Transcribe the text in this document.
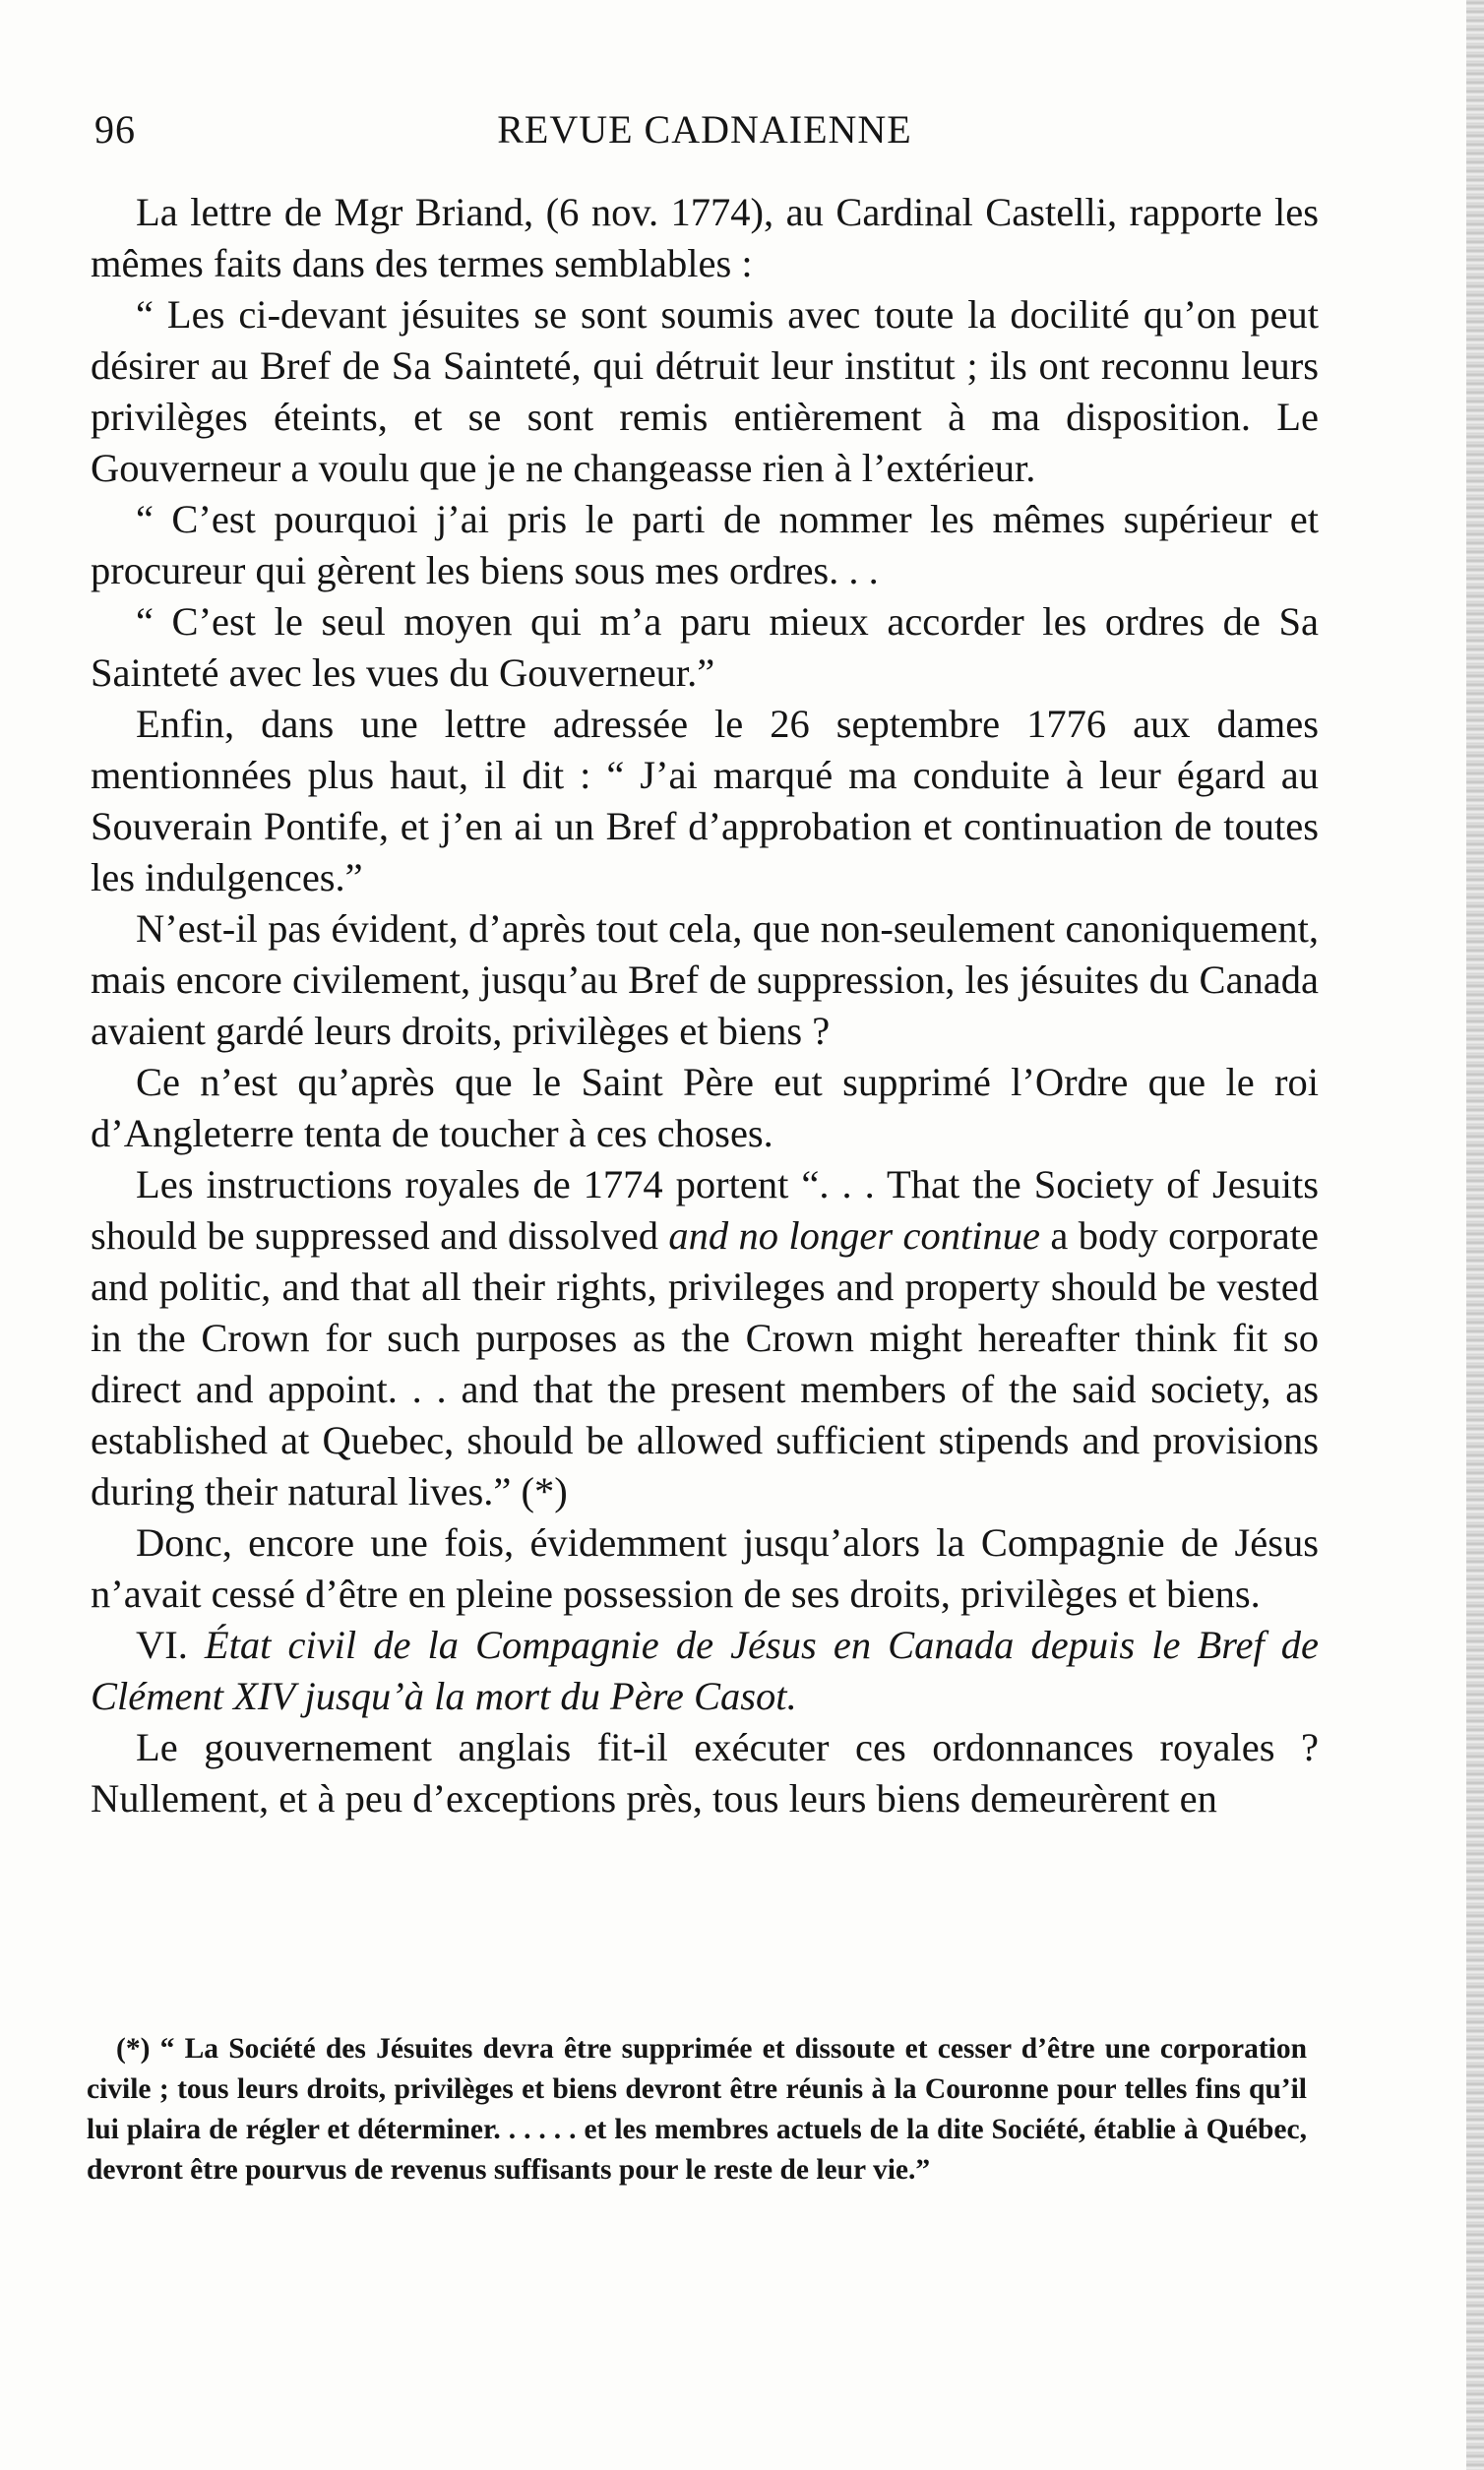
96	REVUE CADNAIENNE

La lettre de Mgr Briand, (6 nov. 1774), au Cardinal Castelli, rapporte les mêmes faits dans des termes semblables :

“ Les ci-devant jésuites se sont soumis avec toute la docilité qu’on peut désirer au Bref de Sa Sainteté, qui détruit leur institut ; ils ont reconnu leurs privilèges éteints, et se sont remis entièrement à ma disposition. Le Gouverneur a voulu que je ne changeasse rien à l’extérieur.

“ C’est pourquoi j’ai pris le parti de nommer les mêmes supérieur et procureur qui gèrent les biens sous mes ordres. . .

“ C’est le seul moyen qui m’a paru mieux accorder les ordres de Sa Sainteté avec les vues du Gouverneur.”

Enfin, dans une lettre adressée le 26 septembre 1776 aux dames mentionnées plus haut, il dit : “ J’ai marqué ma conduite à leur égard au Souverain Pontife, et j’en ai un Bref d’approbation et continuation de toutes les indulgences.”

N’est-il pas évident, d’après tout cela, que non-seulement canoniquement, mais encore civilement, jusqu’au Bref de suppression, les jésuites du Canada avaient gardé leurs droits, privilèges et biens ?

Ce n’est qu’après que le Saint Père eut supprimé l’Ordre que le roi d’Angleterre tenta de toucher à ces choses.

Les instructions royales de 1774 portent “. . . That the Society of Jesuits should be suppressed and dissolved and no longer continue a body corporate and politic, and that all their rights, privileges and property should be vested in the Crown for such purposes as the Crown might hereafter think fit so direct and appoint. . . and that the present members of the said society, as established at Quebec, should be allowed sufficient stipends and provisions during their natural lives.” (*)

Donc, encore une fois, évidemment jusqu’alors la Compagnie de Jésus n’avait cessé d’être en pleine possession de ses droits, privilèges et biens.

VI. État civil de la Compagnie de Jésus en Canada depuis le Bref de Clément XIV jusqu’à la mort du Père Casot.

Le gouvernement anglais fit-il exécuter ces ordonnances royales ? Nullement, et à peu d’exceptions près, tous leurs biens demeurèrent en

(*) “ La Société des Jésuites devra être supprimée et dissoute et cesser d’être une corporation civile ; tous leurs droits, privilèges et biens devront être réunis à la Couronne pour telles fins qu’il lui plaira de régler et déterminer. . . . . . et les membres actuels de la dite Société, établie à Québec, devront être pourvus de revenus suffisants pour le reste de leur vie.”
